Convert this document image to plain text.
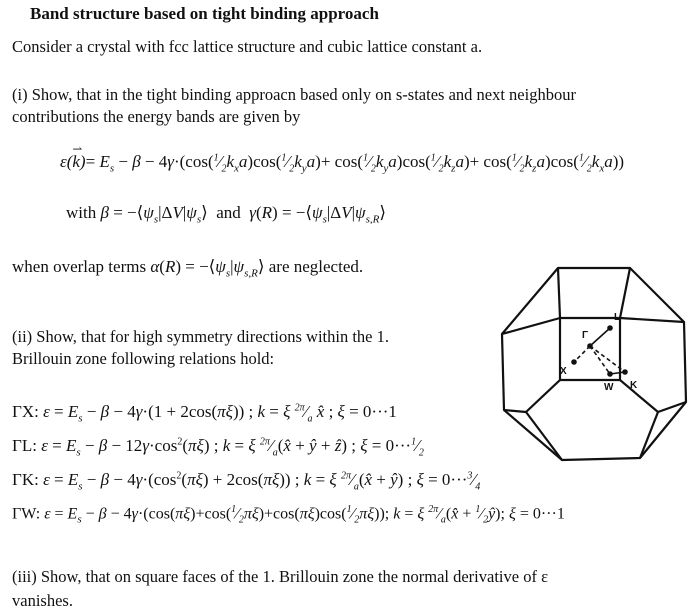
Band structure based on tight binding approach
Consider a crystal with fcc lattice structure and cubic lattice constant a.
(i) Show, that in the tight binding approacn based only on s-states and next neighbour
contributions the energy bands are given by
ε(k
⇀
)= $E_s - \beta$ − $4\gamma\cdot(\cos(^1⁄_2k_xa)\cos(^1⁄_2k_ya)+$ $\cos(^1⁄_2k_ya)\cos(^1⁄_2k_za)+$ $\cos(^1⁄_2k_za)\cos(^1⁄_2k_xa)$)
with $\beta = -⟨\psi_s|\Delta V|\psi_s⟩$  and  $\gamma(R) = -⟨\psi_s|\Delta V|\psi_{s,R}⟩$
when overlap terms $\alpha(R) = -⟨\psi_s|\psi_{s,R}⟩$ are neglected.
(ii) Show, that for high symmetry directions within the 1.
Brillouin zone following relations hold:
ΓX: $\varepsilon = E_s - \beta - 4\gamma\cdot(1 + 2\cos(\pi\xi))$ ; k = ξ $^{2\pi}⁄_a$ x̂ ; ξ = 0···1
ΓL: $\varepsilon = E_s - \beta - 12\gamma\cdot\cos^2(\pi\xi)$ ; k = ξ $^{2\pi}⁄_a(x̂$ + ŷ + ẑ) ; $\xi = 0\cdot\cdot\cdot^1⁄_2$
ΓK: $\varepsilon = E_s - \beta - 4\gamma\cdot(\cos^2(\pi\xi) + 2\cos(\pi\xi))$ ; k = ξ $^{2\pi}⁄_a(x̂$ + ŷ) ; $\xi = 0\cdot\cdot\cdot^3⁄_4$
ΓW: $\varepsilon = E_s - \beta$ − $4\gamma\cdot(\cos(\pi\xi)+\cos(^1⁄_2\pi\xi)+\cos(\pi\xi)\cos(^1⁄_2\pi\xi))$; k = ξ $^{2\pi}⁄_a(x̂$ + $^1⁄_2ŷ$); ξ = 0···1
(iii) Show, that on square faces of the 1. Brillouin zone the normal derivative of ε
vanishes.
L
Γ
X
W K
